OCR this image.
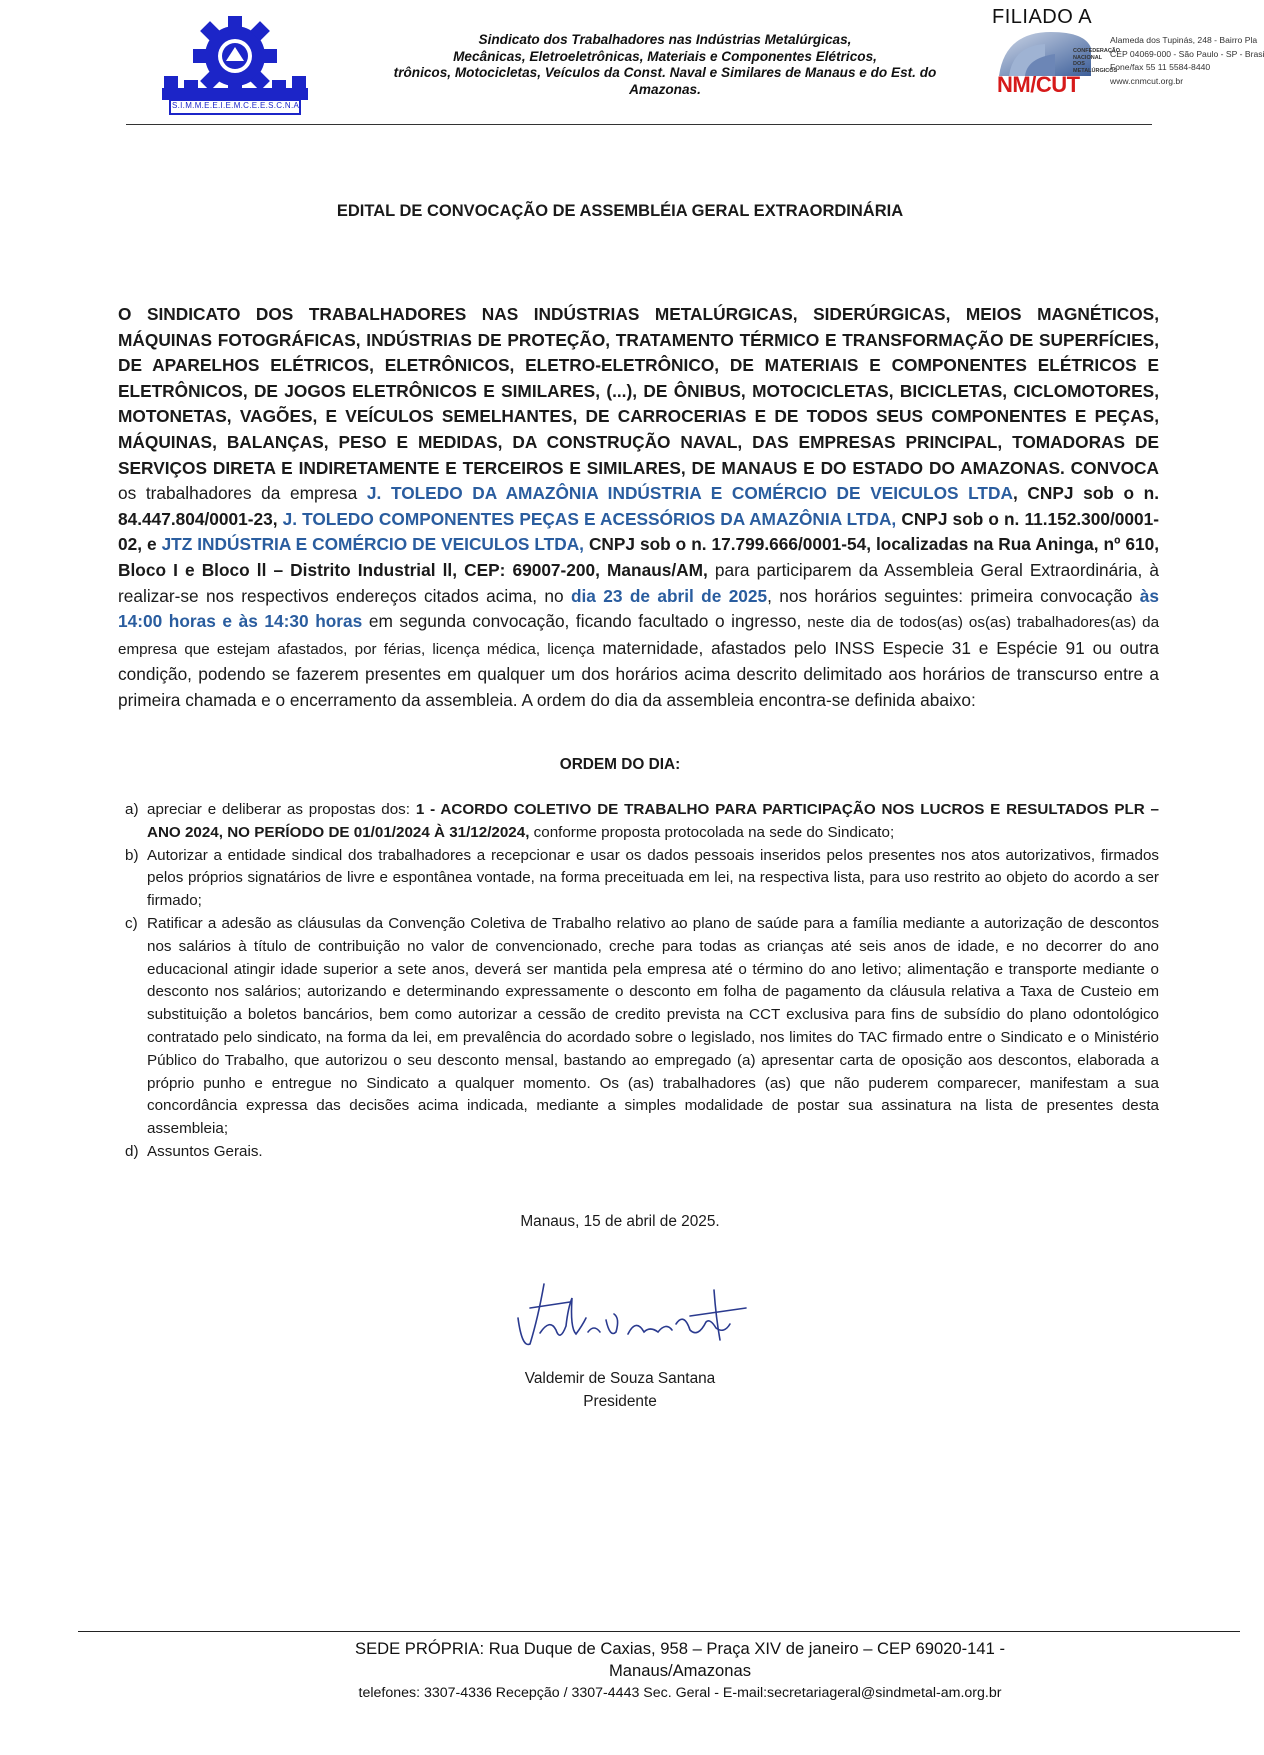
S.I.M.M.E.E.I.E.M.C.E.E.S.C.N.A
Sindicato dos Trabalhadores nas Indústrias Metalúrgicas,
Mecânicas, Eletroeletrônicas, Materiais e Componentes Elétricos,
trônicos, Motocicletas, Veículos da Const. Naval e Similares de Manaus e do Est. do
Amazonas.
FILIADO A
CONFEDERAÇÃO NACIONAL DOS METALÚRGICOS
NM/CUT
Alameda dos Tupinás, 248 - Bairro Pla
CEP 04069-000 - São Paulo - SP - Brasi
Fone/fax 55 11 5584-8440
www.cnmcut.org.br
EDITAL DE CONVOCAÇÃO DE ASSEMBLÉIA GERAL EXTRAORDINÁRIA
O SINDICATO DOS TRABALHADORES NAS INDÚSTRIAS METALÚRGICAS, SIDERÚRGICAS, MEIOS MAGNÉTICOS, MÁQUINAS FOTOGRÁFICAS, INDÚSTRIAS DE PROTEÇÃO, TRATAMENTO TÉRMICO E TRANSFORMAÇÃO DE SUPERFÍCIES, DE APARELHOS ELÉTRICOS, ELETRÔNICOS, ELETRO-ELETRÔNICO, DE MATERIAIS E COMPONENTES ELÉTRICOS E ELETRÔNICOS, DE JOGOS ELETRÔNICOS E SIMILARES, (...), DE ÔNIBUS, MOTOCICLETAS, BICICLETAS, CICLOMOTORES, MOTONETAS, VAGÕES, E VEÍCULOS SEMELHANTES, DE CARROCERIAS E DE TODOS SEUS COMPONENTES E PEÇAS, MÁQUINAS, BALANÇAS, PESO E MEDIDAS, DA CONSTRUÇÃO NAVAL, DAS EMPRESAS PRINCIPAL, TOMADORAS DE SERVIÇOS DIRETA E INDIRETAMENTE E TERCEIROS E SIMILARES, DE MANAUS E DO ESTADO DO AMAZONAS. CONVOCA os trabalhadores da empresa J. TOLEDO DA AMAZÔNIA INDÚSTRIA E COMÉRCIO DE VEICULOS LTDA, CNPJ sob o n. 84.447.804/0001-23, J. TOLEDO COMPONENTES PEÇAS E ACESSÓRIOS DA AMAZÔNIA LTDA, CNPJ sob o n. 11.152.300/0001-02, e JTZ INDÚSTRIA E COMÉRCIO DE VEICULOS LTDA, CNPJ sob o n. 17.799.666/0001-54, localizadas na Rua Aninga, nº 610, Bloco I e Bloco ll – Distrito Industrial ll, CEP: 69007-200, Manaus/AM, para participarem da Assembleia Geral Extraordinária, à realizar-se nos respectivos endereços citados acima, no dia 23 de abril de 2025, nos horários seguintes: primeira convocação às 14:00 horas e às 14:30 horas em segunda convocação, ficando facultado o ingresso, neste dia de todos(as) os(as) trabalhadores(as) da empresa que estejam afastados, por férias, licença médica, licença maternidade, afastados pelo INSS Especie 31 e Espécie 91 ou outra condição, podendo se fazerem presentes em qualquer um dos horários acima descrito delimitado aos horários de transcurso entre a primeira chamada e o encerramento da assembleia. A ordem do dia da assembleia encontra-se definida abaixo:
ORDEM DO DIA:
a) apreciar e deliberar as propostas dos: 1 - ACORDO COLETIVO DE TRABALHO PARA PARTICIPAÇÃO NOS LUCROS E RESULTADOS PLR – ANO 2024, NO PERÍODO DE 01/01/2024 À 31/12/2024, conforme proposta protocolada na sede do Sindicato;
b) Autorizar a entidade sindical dos trabalhadores a recepcionar e usar os dados pessoais inseridos pelos presentes nos atos autorizativos, firmados pelos próprios signatários de livre e espontânea vontade, na forma preceituada em lei, na respectiva lista, para uso restrito ao objeto do acordo a ser firmado;
c) Ratificar a adesão as cláusulas da Convenção Coletiva de Trabalho relativo ao plano de saúde para a família mediante a autorização de descontos nos salários à título de contribuição no valor de convencionado, creche para todas as crianças até seis anos de idade, e no decorrer do ano educacional atingir idade superior a sete anos, deverá ser mantida pela empresa até o término do ano letivo; alimentação e transporte mediante o desconto nos salários; autorizando e determinando expressamente o desconto em folha de pagamento da cláusula relativa a Taxa de Custeio em substituição a boletos bancários, bem como autorizar a cessão de credito prevista na CCT exclusiva para fins de subsídio do plano odontológico contratado pelo sindicato, na forma da lei, em prevalência do acordado sobre o legislado, nos limites do TAC firmado entre o Sindicato e o Ministério Público do Trabalho, que autorizou o seu desconto mensal, bastando ao empregado (a) apresentar carta de oposição aos descontos, elaborada a próprio punho e entregue no Sindicato a qualquer momento. Os (as) trabalhadores (as) que não puderem comparecer, manifestam a sua concordância expressa das decisões acima indicada, mediante a simples modalidade de postar sua assinatura na lista de presentes desta assembleia;
d) Assuntos Gerais.
Manaus, 15 de abril de 2025.
Valdemir de Souza Santana
Presidente
SEDE PRÓPRIA: Rua Duque de Caxias, 958 – Praça XIV de janeiro – CEP 69020-141 -
Manaus/Amazonas
telefones: 3307-4336 Recepção / 3307-4443 Sec. Geral - E-mail:secretariageral@sindmetal-am.org.br
